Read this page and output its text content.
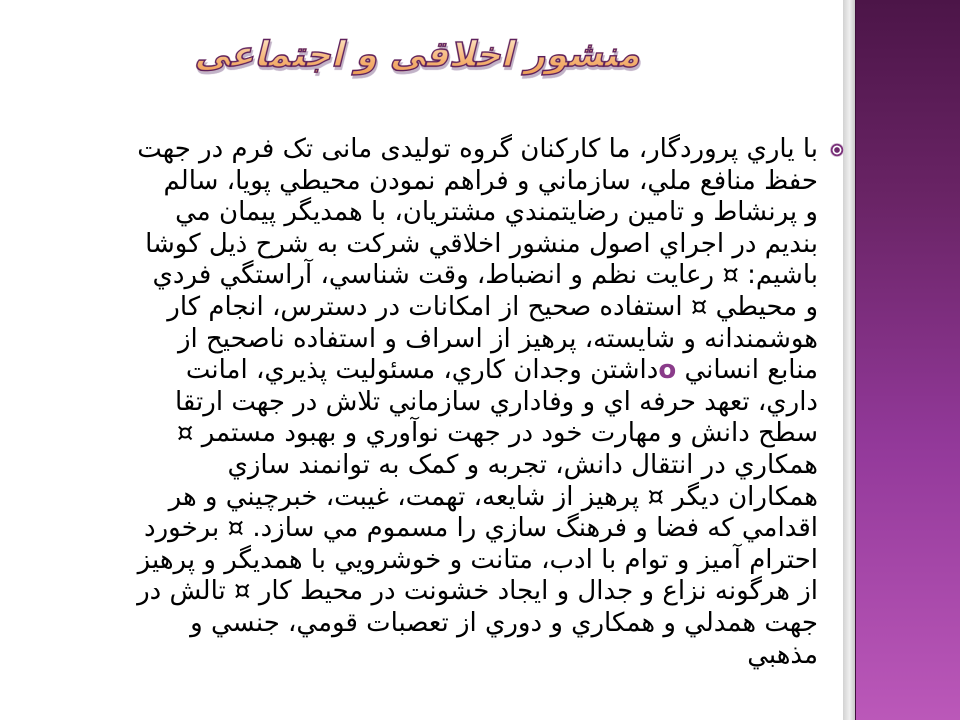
منشور اخلاقی و اجتماعی
با ياري پروردگار، ما كاركنان گروه توليدی مانی تک فرم در جهت
حفظ منافع ملي، سازماني و فراهم نمودن محيطي پويا، سالم
و پرنشاط و تامين رضايتمندي مشتريان، با همديگر پيمان مي
بنديم در اجراي اصول منشور اخلاقي شركت به شرح ذيل كوشا
باشيم: ¤ رعايت نظم و انضباط، وقت شناسي، آراستگي فردي
و محيطي ¤ استفاده صحيح از امكانات در دسترس، انجام كار
هوشمندانه و شايسته، پرهيز از اسراف و استفاده ناصحيح از
منابع انساني oداشتن وجدان كاري، مسئوليت پذيري، امانت
داري، تعهد حرفه اي و وفاداري سازماني تلاش در جهت ارتقا
سطح دانش و مهارت خود در جهت نوآوري و بهبود مستمر ¤
همكاري در انتقال دانش، تجربه و كمک به توانمند سازي
همكاران ديگر ¤ پرهيز از شايعه، تهمت، غيبت، خبرچيني و هر
اقدامي كه فضا و فرهنگ سازي را مسموم مي سازد. ¤ برخورد
احترام آميز و توام با ادب، متانت و خوشرويي با همديگر و پرهيز
از هرگونه نزاع و جدال و ايجاد خشونت در محيط كار ¤ تالش در
جهت همدلي و همكاري و دوري از تعصبات قومي، جنسي و
مذهبي
